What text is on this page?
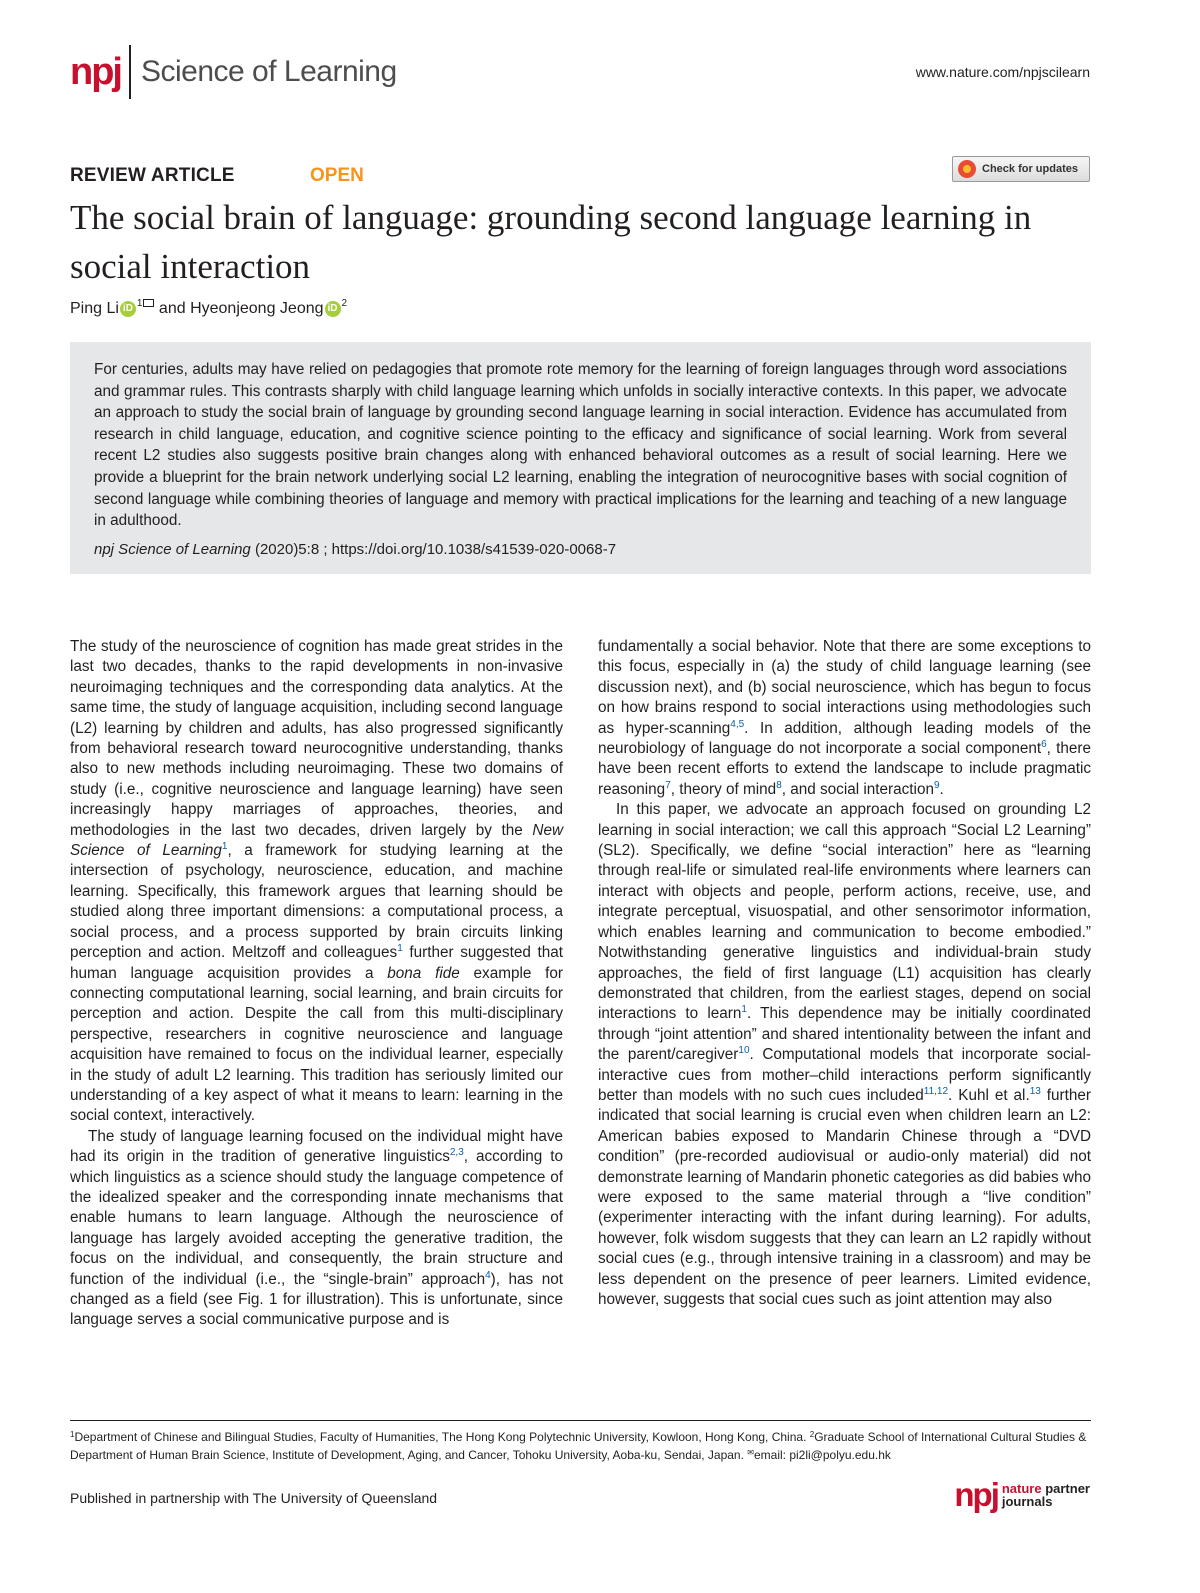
npj Science of Learning	www.nature.com/npjscilearn
REVIEW ARTICLE	OPEN	Check for updates
The social brain of language: grounding second language learning in social interaction
Ping Li iD 1 and Hyeonjeong Jeong iD 2

For centuries, adults may have relied on pedagogies that promote rote memory for the learning of foreign languages through word associations and grammar rules. This contrasts sharply with child language learning which unfolds in socially interactive contexts. In this paper, we advocate an approach to study the social brain of language by grounding second language learning in social interaction. Evidence has accumulated from research in child language, education, and cognitive science pointing to the efficacy and significance of social learning. Work from several recent L2 studies also suggests positive brain changes along with enhanced behavioral outcomes as a result of social learning. Here we provide a blueprint for the brain network underlying social L2 learning, enabling the integration of neurocognitive bases with social cognition of second language while combining theories of language and memory with practical implications for the learning and teaching of a new language in adulthood.

npj Science of Learning (2020)5:8 ; https://doi.org/10.1038/s41539-020-0068-7

The study of the neuroscience of cognition has made great strides in the last two decades, thanks to the rapid developments in non-invasive neuroimaging techniques and the corresponding data analytics. At the same time, the study of language acquisition, including second language (L2) learning by children and adults, has also progressed significantly from behavioral research toward neurocognitive understanding, thanks also to new methods including neuroimaging. These two domains of study (i.e., cognitive neuroscience and language learning) have seen increasingly happy marriages of approaches, theories, and methodologies in the last two decades, driven largely by the New Science of Learning$^1$, a framework for studying learning at the intersection of psychology, neuroscience, education, and machine learning. Specifically, this framework argues that learning should be studied along three important dimensions: a computational process, a social process, and a process supported by brain circuits linking perception and action. Meltzoff and colleagues$^1$ further suggested that human language acquisition provides a bona fide example for connecting computational learning, social learning, and brain circuits for perception and action. Despite the call from this multi-disciplinary perspective, researchers in cognitive neuroscience and language acquisition have remained to focus on the individual learner, especially in the study of adult L2 learning. This tradition has seriously limited our understanding of a key aspect of what it means to learn: learning in the social context, interactively.

The study of language learning focused on the individual might have had its origin in the tradition of generative linguistics$^{2,3}$, according to which linguistics as a science should study the language competence of the idealized speaker and the corresponding innate mechanisms that enable humans to learn language. Although the neuroscience of language has largely avoided accepting the generative tradition, the focus on the individual, and consequently, the brain structure and function of the individual (i.e., the “single-brain” approach$^4$), has not changed as a field (see Fig. 1 for illustration). This is unfortunate, since language serves a social communicative purpose and is

fundamentally a social behavior. Note that there are some exceptions to this focus, especially in (a) the study of child language learning (see discussion next), and (b) social neuroscience, which has begun to focus on how brains respond to social interactions using methodologies such as hyper-scanning$^{4,5}$. In addition, although leading models of the neurobiology of language do not incorporate a social component$^6$, there have been recent efforts to extend the landscape to include pragmatic reasoning$^7$, theory of mind$^8$, and social interaction$^9$.

In this paper, we advocate an approach focused on grounding L2 learning in social interaction; we call this approach “Social L2 Learning” (SL2). Specifically, we define “social interaction” here as “learning through real-life or simulated real-life environments where learners can interact with objects and people, perform actions, receive, use, and integrate perceptual, visuospatial, and other sensorimotor information, which enables learning and communication to become embodied.” Notwithstanding generative linguistics and individual-brain study approaches, the field of first language (L1) acquisition has clearly demonstrated that children, from the earliest stages, depend on social interactions to learn$^1$. This dependence may be initially coordinated through “joint attention” and shared intentionality between the infant and the parent/caregiver$^{10}$. Computational models that incorporate social-interactive cues from mother–child interactions perform significantly better than models with no such cues included$^{11,12}$. Kuhl et al.$^{13}$ further indicated that social learning is crucial even when children learn an L2: American babies exposed to Mandarin Chinese through a “DVD condition” (pre-recorded audiovisual or audio-only material) did not demonstrate learning of Mandarin phonetic categories as did babies who were exposed to the same material through a “live condition” (experimenter interacting with the infant during learning). For adults, however, folk wisdom suggests that they can learn an L2 rapidly without social cues (e.g., through intensive training in a classroom) and may be less dependent on the presence of peer learners. Limited evidence, however, suggests that social cues such as joint attention may also

$^1$Department of Chinese and Bilingual Studies, Faculty of Humanities, The Hong Kong Polytechnic University, Kowloon, Hong Kong, China. $^2$Graduate School of International Cultural Studies & Department of Human Brain Science, Institute of Development, Aging, and Cancer, Tohoku University, Aoba-ku, Sendai, Japan. ✉email: pi2li@polyu.edu.hk
Published in partnership with The University of Queensland	npj nature partner
journals
